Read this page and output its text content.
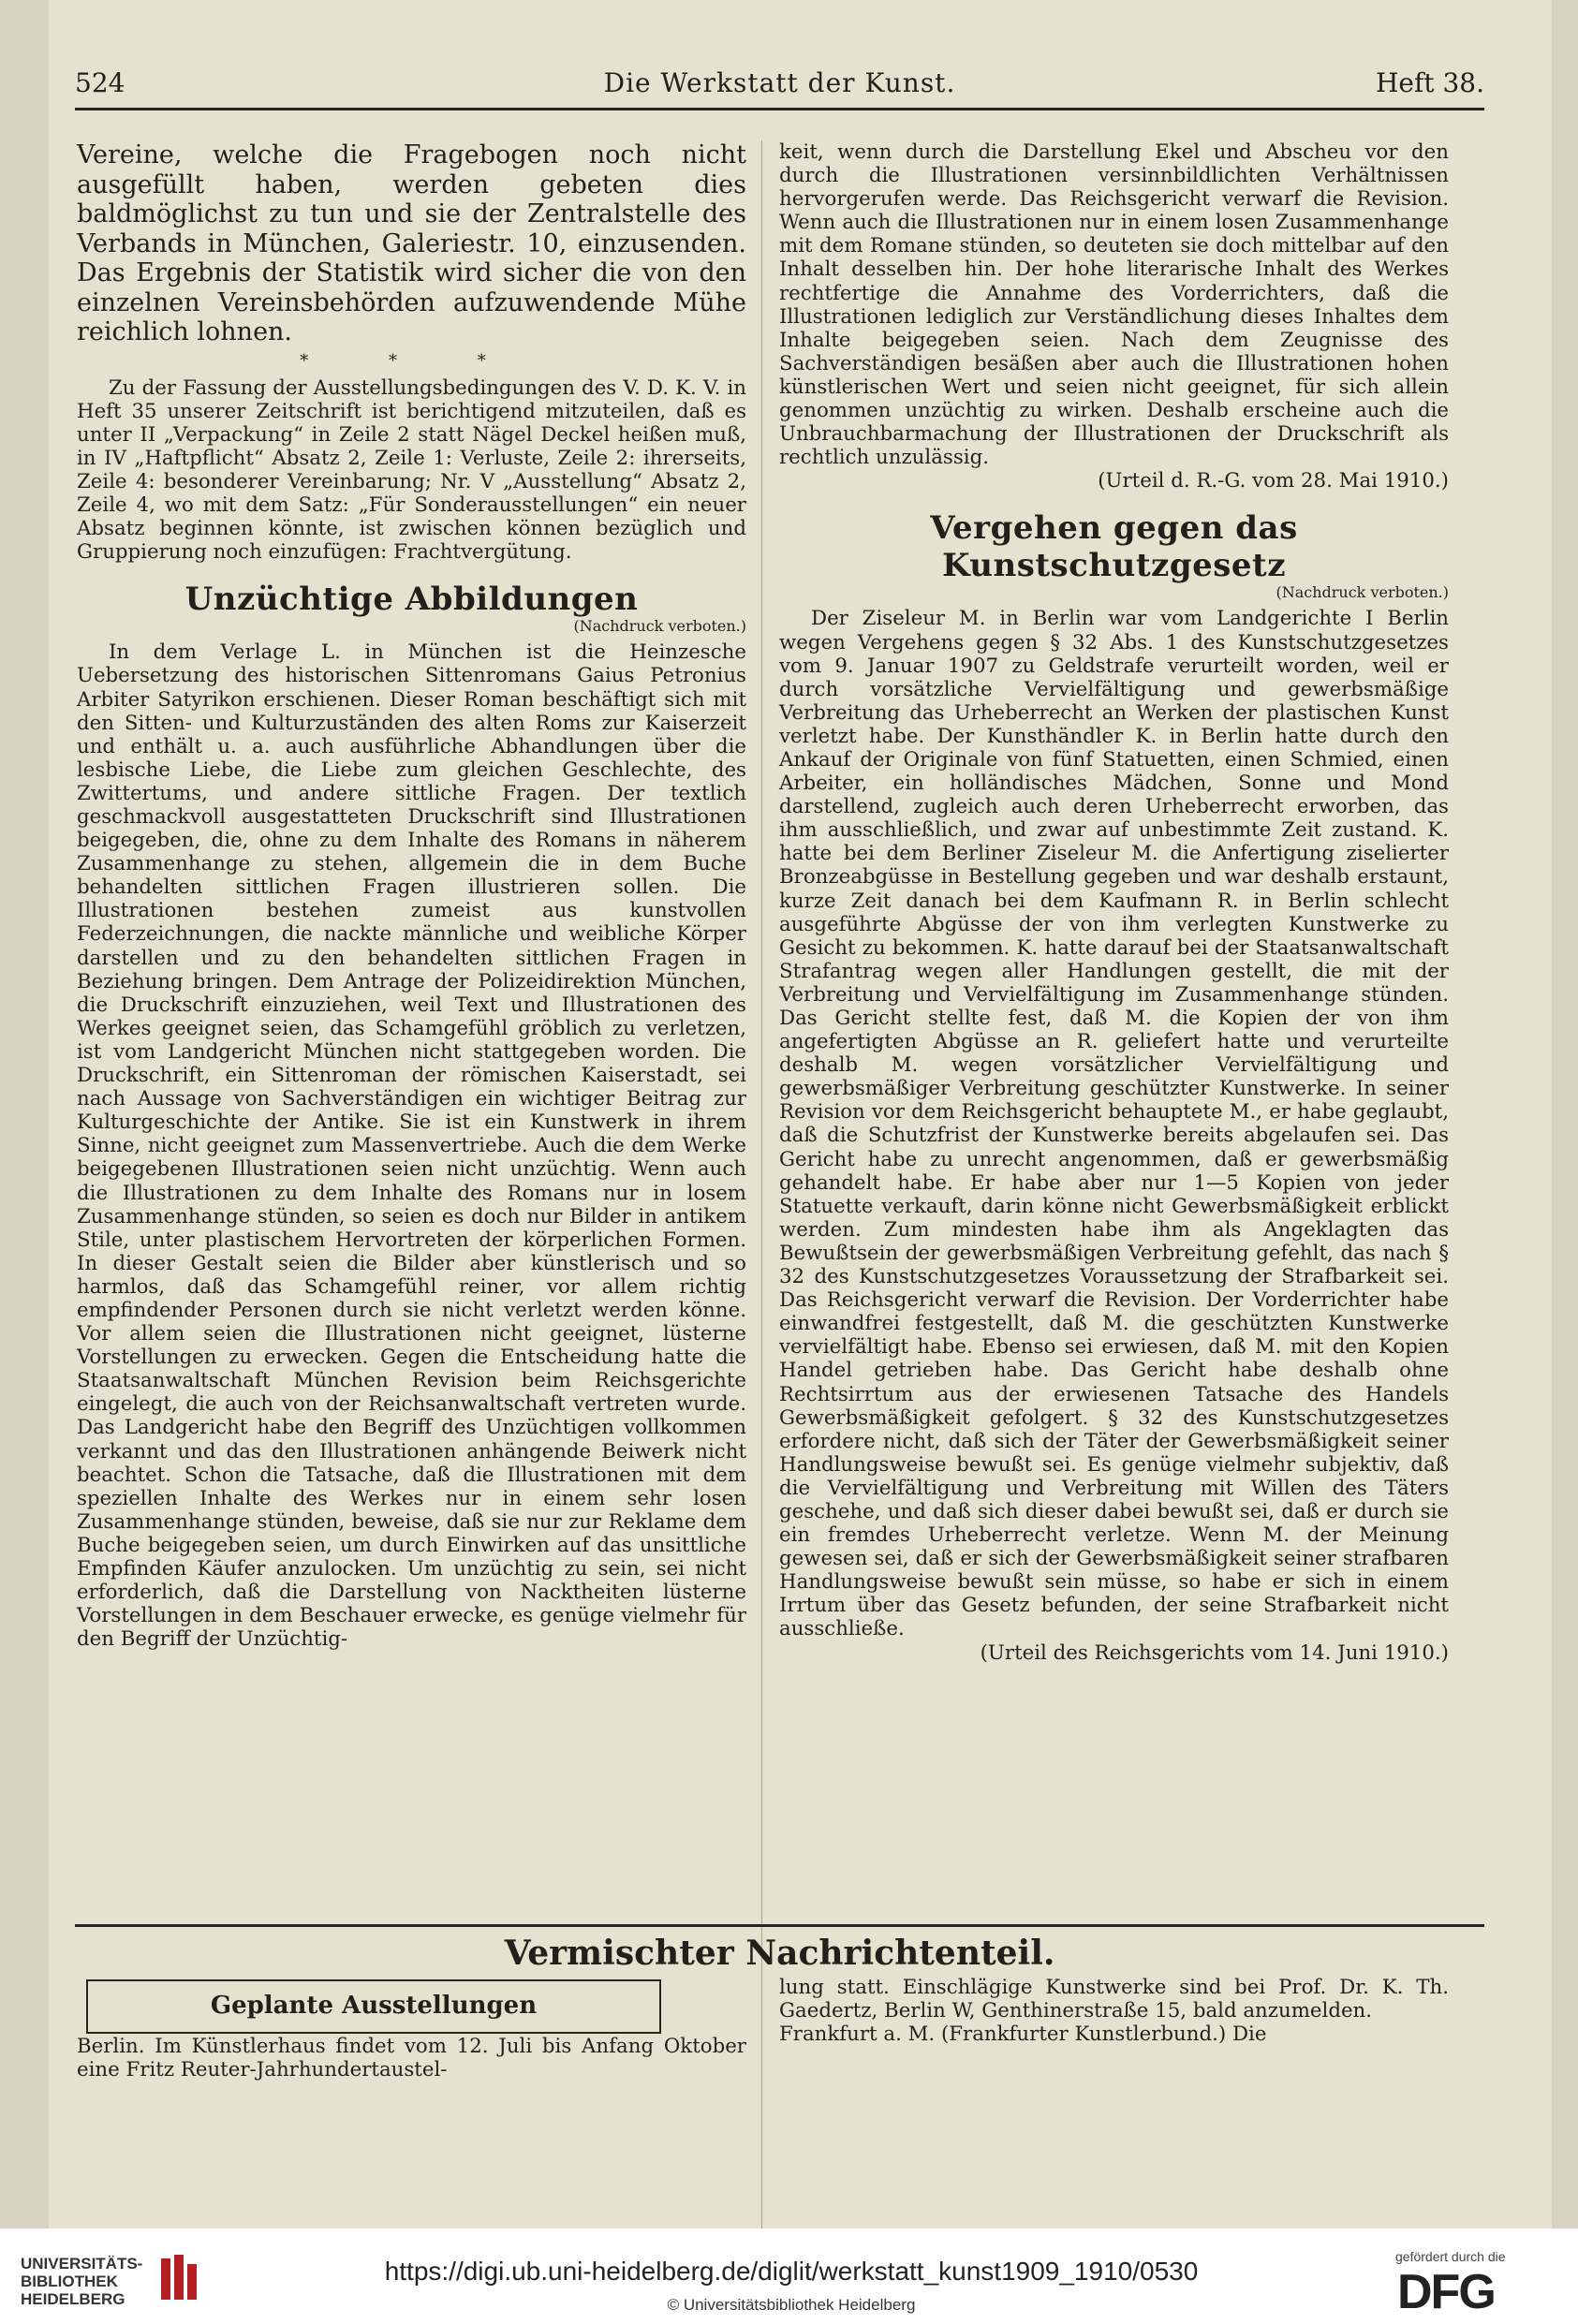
524	Die Werkstatt der Kunst.	Heft 38.

Vereine, welche die Fragebogen noch nicht ausgefüllt haben, werden gebeten dies baldmöglichst zu tun und sie der Zentralstelle des Verbands in München, Galeriestr. 10, einzusenden. Das Ergebnis der Statistik wird sicher die von den einzelnen Vereinsbehörden aufzuwendende Mühe reichlich lohnen.

* * *

Zu der Fassung der Ausstellungsbedingungen des V. D. K. V. in Heft 35 unserer Zeitschrift ist berichtigend mitzuteilen, daß es unter II „Verpackung“ in Zeile 2 statt Nägel Deckel heißen muß, in IV „Haftpflicht“ Absatz 2, Zeile 1: Verluste, Zeile 2: ihrerseits, Zeile 4: besonderer Vereinbarung; Nr. V „Ausstellung“ Absatz 2, Zeile 4, wo mit dem Satz: „Für Sonderausstellungen“ ein neuer Absatz beginnen könnte, ist zwischen können bezüglich und Gruppierung noch einzufügen: Frachtvergütung.

Unzüchtige Abbildungen
(Nachdruck verboten.)

In dem Verlage L. in München ist die Heinzesche Uebersetzung des historischen Sittenromans Gaius Petronius Arbiter Satyrikon erschienen. Dieser Roman beschäftigt sich mit den Sitten- und Kulturzuständen des alten Roms zur Kaiserzeit und enthält u. a. auch ausführliche Abhandlungen über die lesbische Liebe, die Liebe zum gleichen Geschlechte, des Zwittertums, und andere sittliche Fragen. Der textlich geschmackvoll ausgestatteten Druckschrift sind Illustrationen beigegeben, die, ohne zu dem Inhalte des Romans in näherem Zusammenhange zu stehen, allgemein die in dem Buche behandelten sittlichen Fragen illustrieren sollen. Die Illustrationen bestehen zumeist aus kunstvollen Federzeichnungen, die nackte männliche und weibliche Körper darstellen und zu den behandelten sittlichen Fragen in Beziehung bringen. Dem Antrage der Polizeidirektion München, die Druckschrift einzuziehen, weil Text und Illustrationen des Werkes geeignet seien, das Schamgefühl gröblich zu verletzen, ist vom Landgericht München nicht stattgegeben worden. Die Druckschrift, ein Sittenroman der römischen Kaiserstadt, sei nach Aussage von Sachverständigen ein wichtiger Beitrag zur Kulturgeschichte der Antike. Sie ist ein Kunstwerk in ihrem Sinne, nicht geeignet zum Massenvertriebe. Auch die dem Werke beigegebenen Illustrationen seien nicht unzüchtig. Wenn auch die Illustrationen zu dem Inhalte des Romans nur in losem Zusammenhange stünden, so seien es doch nur Bilder in antikem Stile, unter plastischem Hervortreten der körperlichen Formen. In dieser Gestalt seien die Bilder aber künstlerisch und so harmlos, daß das Schamgefühl reiner, vor allem richtig empfindender Personen durch sie nicht verletzt werden könne. Vor allem seien die Illustrationen nicht geeignet, lüsterne Vorstellungen zu erwecken. Gegen die Entscheidung hatte die Staatsanwaltschaft München Revision beim Reichsgerichte eingelegt, die auch von der Reichsanwaltschaft vertreten wurde. Das Landgericht habe den Begriff des Unzüchtigen vollkommen verkannt und das den Illustrationen anhängende Beiwerk nicht beachtet. Schon die Tatsache, daß die Illustrationen mit dem speziellen Inhalte des Werkes nur in einem sehr losen Zusammenhange stünden, beweise, daß sie nur zur Reklame dem Buche beigegeben seien, um durch Einwirken auf das unsittliche Empfinden Käufer anzulocken. Um unzüchtig zu sein, sei nicht erforderlich, daß die Darstellung von Nacktheiten lüsterne Vorstellungen in dem Beschauer erwecke, es genüge vielmehr für den Begriff der Unzüchtig-

keit, wenn durch die Darstellung Ekel und Abscheu vor den durch die Illustrationen versinnbildlichten Verhältnissen hervorgerufen werde. Das Reichsgericht verwarf die Revision. Wenn auch die Illustrationen nur in einem losen Zusammenhange mit dem Romane stünden, so deuteten sie doch mittelbar auf den Inhalt desselben hin. Der hohe literarische Inhalt des Werkes rechtfertige die Annahme des Vorderrichters, daß die Illustrationen lediglich zur Verständlichung dieses Inhaltes dem Inhalte beigegeben seien. Nach dem Zeugnisse des Sachverständigen besäßen aber auch die Illustrationen hohen künstlerischen Wert und seien nicht geeignet, für sich allein genommen unzüchtig zu wirken. Deshalb erscheine auch die Unbrauchbarmachung der Illustrationen der Druckschrift als rechtlich unzulässig.

(Urteil d. R.-G. vom 28. Mai 1910.)
Vergehen gegen das Kunstschutzgesetz
(Nachdruck verboten.)

Der Ziseleur M. in Berlin war vom Landgerichte I Berlin wegen Vergehens gegen § 32 Abs. 1 des Kunstschutzgesetzes vom 9. Januar 1907 zu Geldstrafe verurteilt worden, weil er durch vorsätzliche Vervielfältigung und gewerbsmäßige Verbreitung das Urheberrecht an Werken der plastischen Kunst verletzt habe. Der Kunsthändler K. in Berlin hatte durch den Ankauf der Originale von fünf Statuetten, einen Schmied, einen Arbeiter, ein holländisches Mädchen, Sonne und Mond darstellend, zugleich auch deren Urheberrecht erworben, das ihm ausschließlich, und zwar auf unbestimmte Zeit zustand. K. hatte bei dem Berliner Ziseleur M. die Anfertigung ziselierter Bronzeabgüsse in Bestellung gegeben und war deshalb erstaunt, kurze Zeit danach bei dem Kaufmann R. in Berlin schlecht ausgeführte Abgüsse der von ihm verlegten Kunstwerke zu Gesicht zu bekommen. K. hatte darauf bei der Staatsanwaltschaft Strafantrag wegen aller Handlungen gestellt, die mit der Verbreitung und Vervielfältigung im Zusammenhange stünden. Das Gericht stellte fest, daß M. die Kopien der von ihm angefertigten Abgüsse an R. geliefert hatte und verurteilte deshalb M. wegen vorsätzlicher Vervielfältigung und gewerbsmäßiger Verbreitung geschützter Kunstwerke. In seiner Revision vor dem Reichsgericht behauptete M., er habe geglaubt, daß die Schutzfrist der Kunstwerke bereits abgelaufen sei. Das Gericht habe zu unrecht angenommen, daß er gewerbsmäßig gehandelt habe. Er habe aber nur 1—5 Kopien von jeder Statuette verkauft, darin könne nicht Gewerbsmäßigkeit erblickt werden. Zum mindesten habe ihm als Angeklagten das Bewußtsein der gewerbsmäßigen Verbreitung gefehlt, das nach § 32 des Kunstschutzgesetzes Voraussetzung der Strafbarkeit sei. Das Reichsgericht verwarf die Revision. Der Vorderrichter habe einwandfrei festgestellt, daß M. die geschützten Kunstwerke vervielfältigt habe. Ebenso sei erwiesen, daß M. mit den Kopien Handel getrieben habe. Das Gericht habe deshalb ohne Rechtsirrtum aus der erwiesenen Tatsache des Handels Gewerbsmäßigkeit gefolgert. § 32 des Kunstschutzgesetzes erfordere nicht, daß sich der Täter der Gewerbsmäßigkeit seiner Handlungsweise bewußt sei. Es genüge vielmehr subjektiv, daß die Vervielfältigung und Verbreitung mit Willen des Täters geschehe, und daß sich dieser dabei bewußt sei, daß er durch sie ein fremdes Urheberrecht verletze. Wenn M. der Meinung gewesen sei, daß er sich der Gewerbsmäßigkeit seiner strafbaren Handlungsweise bewußt sein müsse, so habe er sich in einem Irrtum über das Gesetz befunden, der seine Strafbarkeit nicht ausschließe.

(Urteil des Reichsgerichts vom 14. Juni 1910.)
Vermischter Nachrichtenteil.
Geplante Ausstellungen
Berlin. Im Künstlerhaus findet vom 12. Juli bis Anfang Oktober eine Fritz Reuter-Jahrhundertaustel-
lung statt. Einschlägige Kunstwerke sind bei Prof. Dr. K. Th. Gaedertz, Berlin W, Genthinerstraße 15, bald anzumelden.
Frankfurt a. M. (Frankfurter Kunstlerbund.) Die
UNIVERSITÄTS-
BIBLIOTHEK
HEIDELBERG
https://digi.ub.uni-heidelberg.de/diglit/werkstatt_kunst1909_1910/0530
© Universitätsbibliothek Heidelberg
gefördert durch die
DFG
